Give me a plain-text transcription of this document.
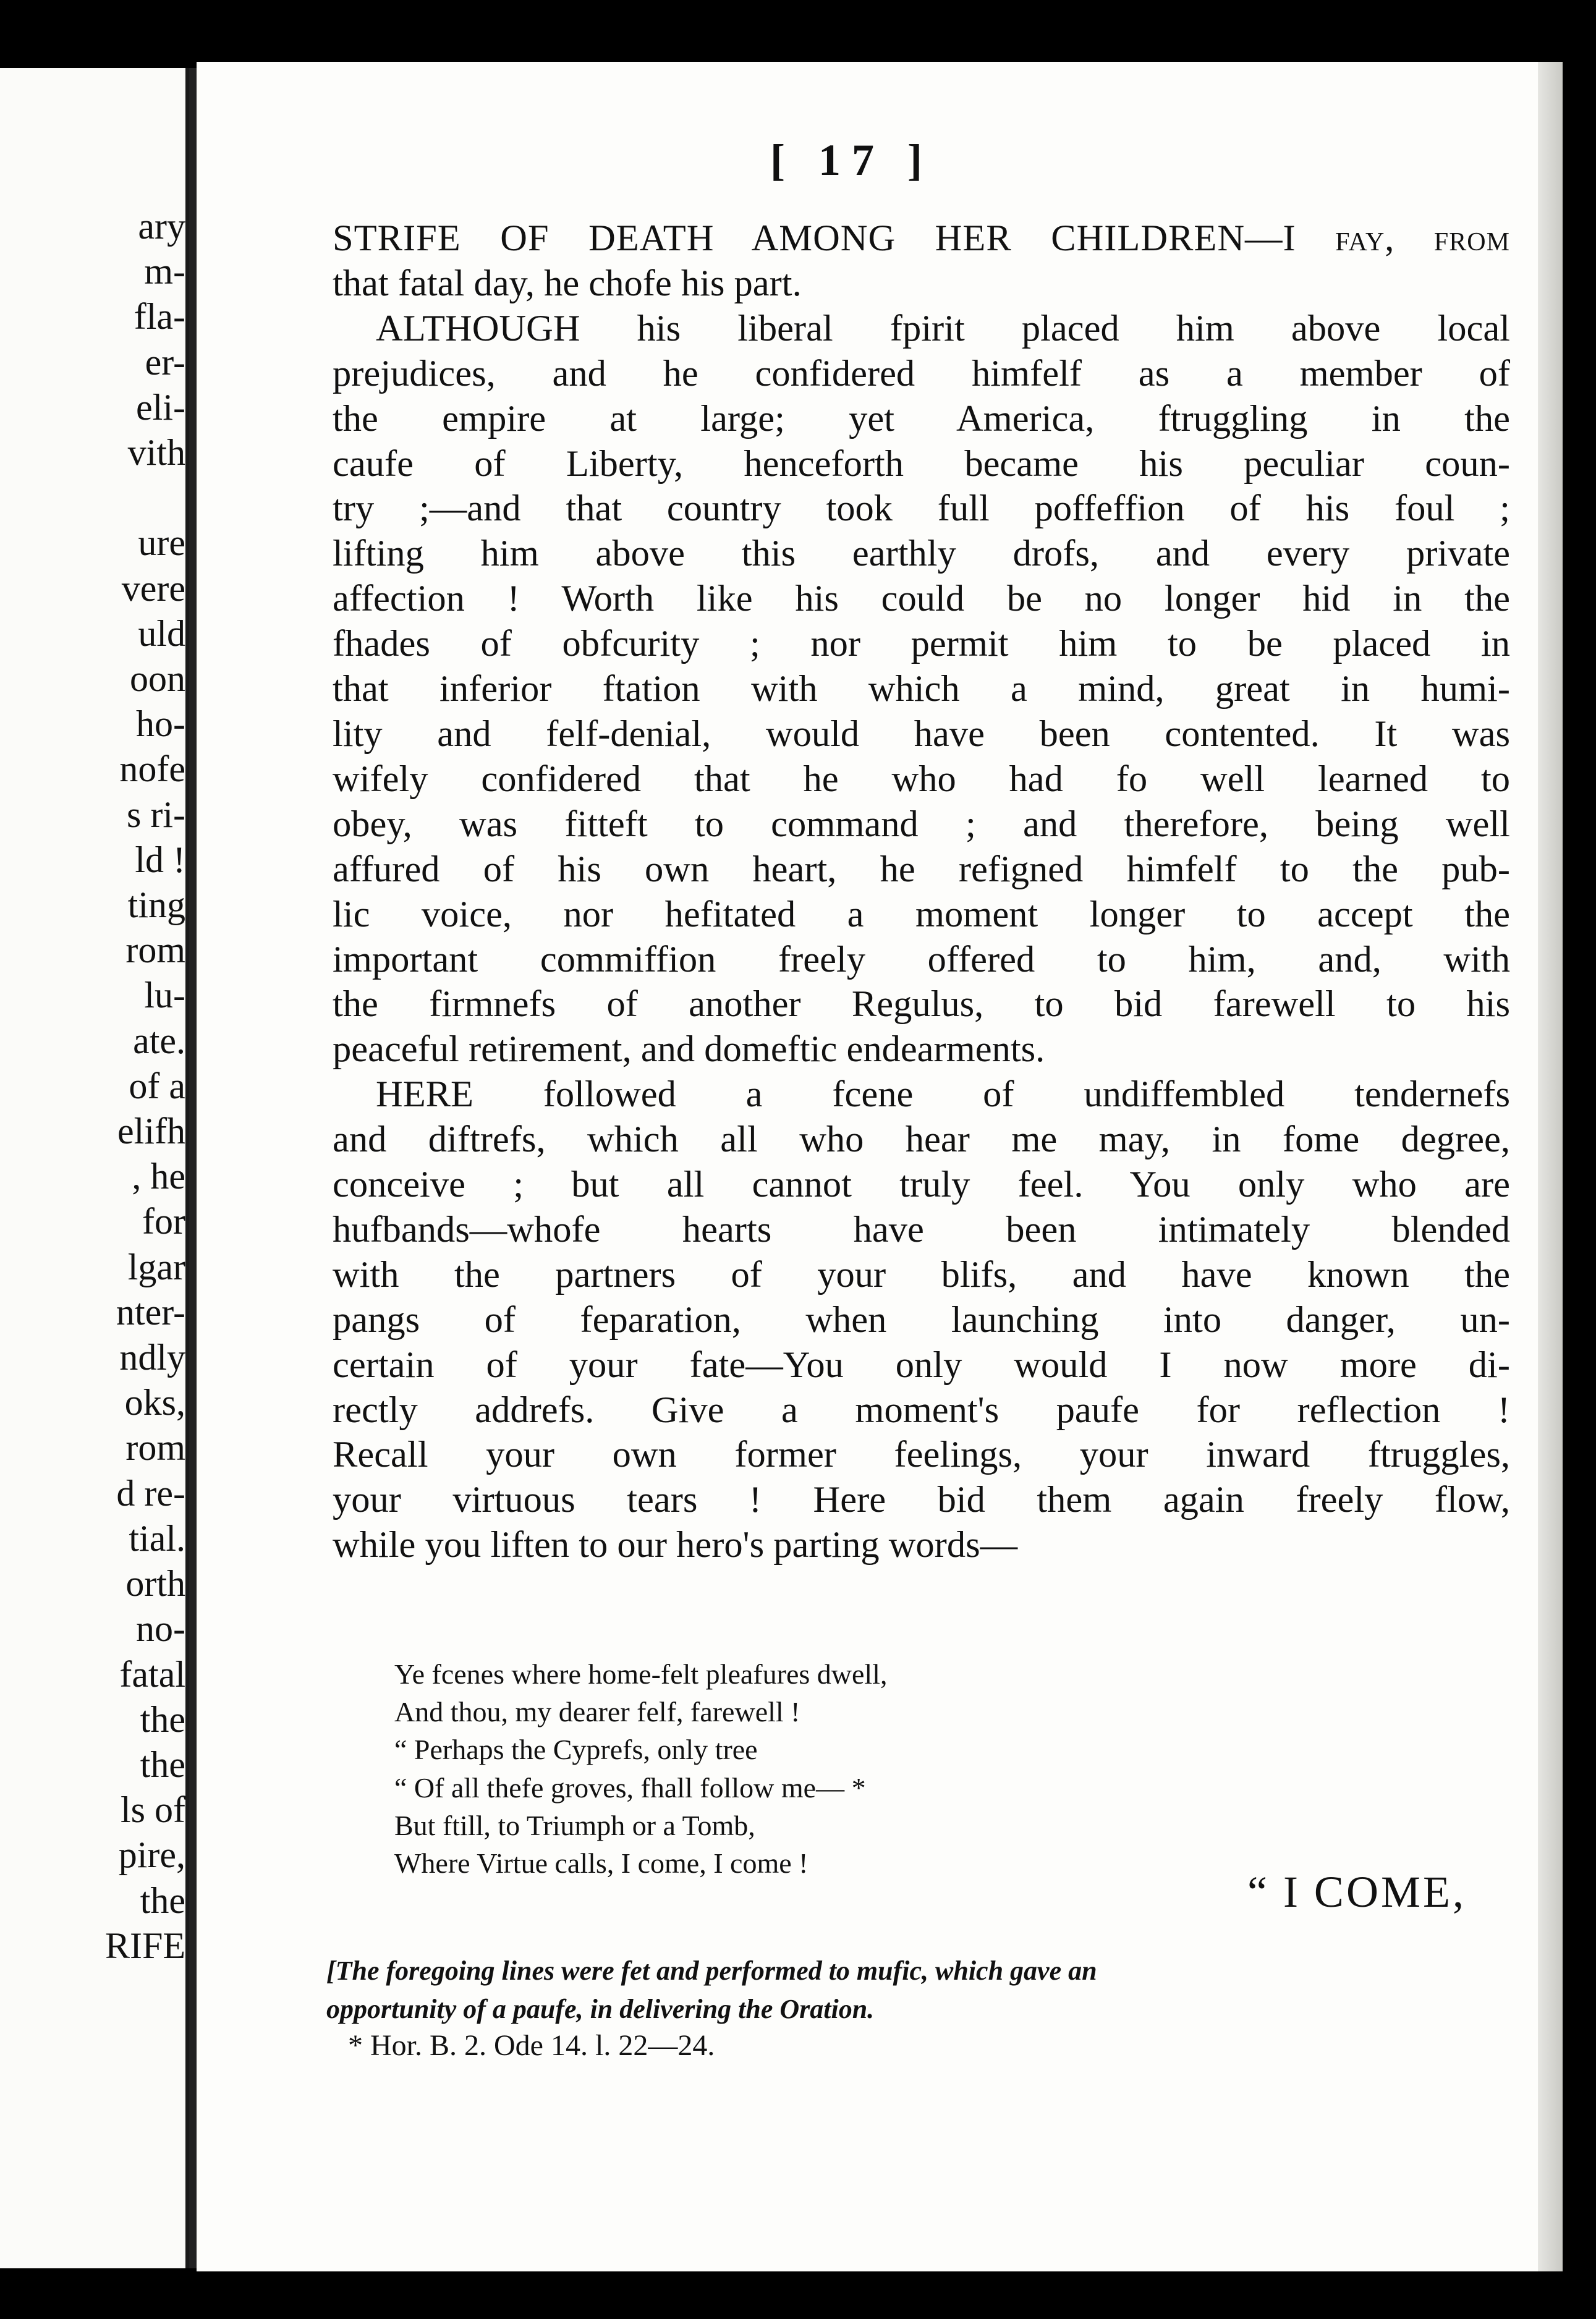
ary
m-
fla-
er-
eli-
vith

ure
vere
uld
oon
ho-
nofe
s ri-
ld !
ting
rom
lu-
ate.
of a
elifh
, he
for
lgar
nter-
ndly
oks,
rom
d re-
tial.
orth
no-
fatal
the
the
ls of
pire,
the
RIFE
[ 17 ]
STRIFE OF DEATH AMONG HER CHILDREN—I fay, from
that fatal day, he chofe his part.
ALTHOUGH his liberal fpirit placed him above local
prejudices, and he confidered himfelf as a member of
the empire at large; yet America, ftruggling in the
caufe of Liberty, henceforth became his peculiar coun-
try ;—and that country took full poffeffion of his foul ;
lifting him above this earthly drofs, and every private
affection ! Worth like his could be no longer hid in the
fhades of obfcurity ; nor permit him to be placed in
that inferior ftation with which a mind, great in humi-
lity and felf-denial, would have been contented. It was
wifely confidered that he who had fo well learned to
obey, was fitteft to command ; and therefore, being well
affured of his own heart, he refigned himfelf to the pub-
lic voice, nor hefitated a moment longer to accept the
important commiffion freely offered to him, and, with
the firmnefs of another Regulus, to bid farewell to his
peaceful retirement, and domeftic endearments.
HERE followed a fcene of undiffembled tendernefs
and diftrefs, which all who hear me may, in fome degree,
conceive ; but all cannot truly feel. You only who are
hufbands—whofe hearts have been intimately blended
with the partners of your blifs, and have known the
pangs of feparation, when launching into danger, un-
certain of your fate—You only would I now more di-
rectly addrefs. Give a moment's paufe for reflection !
Recall your own former feelings, your inward ftruggles,
your virtuous tears ! Here bid them again freely flow,
while you liften to our hero's parting words—
Ye fcenes where home-felt pleafures dwell,
And thou, my dearer felf, farewell !
“ Perhaps the Cyprefs, only tree
“ Of all thefe groves, fhall follow me— *
But ftill, to Triumph or a Tomb,
Where Virtue calls, I come, I come !
“ I COME,
[The foregoing lines were fet and performed to mufic, which gave an
opportunity of a paufe, in delivering the Oration.
* Hor. B. 2. Ode 14. l. 22—24.
